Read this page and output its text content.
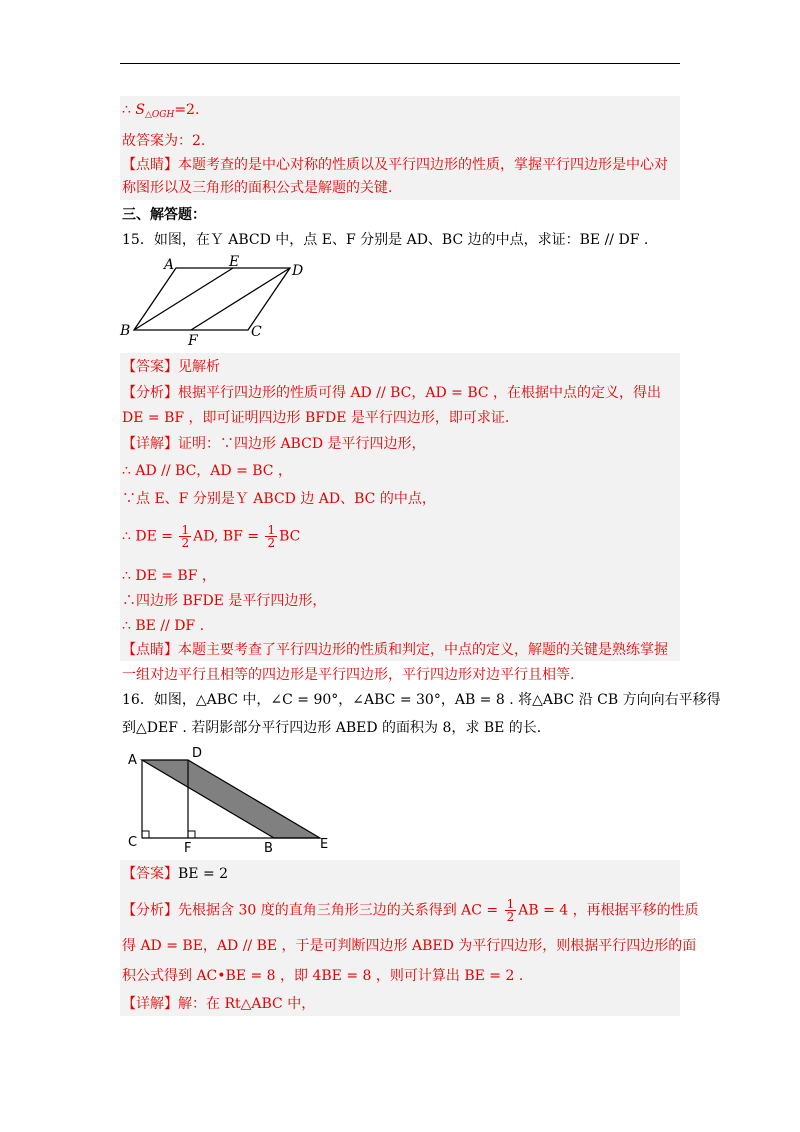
∴ $S_{\triangle OGH}=2$.
故答案为：2.
【点睛】本题考查的是中心对称的性质以及平行四边形的性质，掌握平行四边形是中心对
称图形以及三角形的面积公式是解题的关键.
三、解答题：
15．如图，在Ｙ ABCD 中，点 E、F 分别是 AD、BC 边的中点，求证：BE // DF .
A	E
D
B
F
C
【答案】见解析
【分析】根据平行四边形的性质可得 AD // BC，AD = BC ，在根据中点的定义，得出
DE = BF ，即可证明四边形 BFDE 是平行四边形，即可求证.
【详解】证明：∵四边形 ABCD 是平行四边形，
∴ AD // BC，AD = BC ，
∵点 E、F 分别是Ｙ ABCD 边 AD、BC 的中点，
∴ DE = $\frac{1}{2}$ AD, BF = $\frac{1}{2}$ BC
∴ DE = BF ，
∴四边形 BFDE 是平行四边形，
∴ BE // DF .
【点睛】本题主要考查了平行四边形的性质和判定，中点的定义，解题的关键是熟练掌握
一组对边平行且相等的四边形是平行四边形，平行四边形对边平行且相等.
16．如图，△ABC 中，∠C = 90°，∠ABC = 30°，AB = 8 . 将△ABC 沿 CB 方向向右平移得
到△DEF . 若阴影部分平行四边形 ABED 的面积为 8，求 BE 的长.
A	D
C	F	B	E
【答案】BE = 2
【分析】先根据含 30 度的直角三角形三边的关系得到 AC = $\frac{1}{2}$ AB = 4 ，再根据平移的性质
得 AD = BE，AD // BE ，于是可判断四边形 ABED 为平行四边形，则根据平行四边形的面
积公式得到 AC•BE = 8 ，即 4BE = 8 ，则可计算出 BE = 2 .
【详解】解：在 Rt△ABC 中，
